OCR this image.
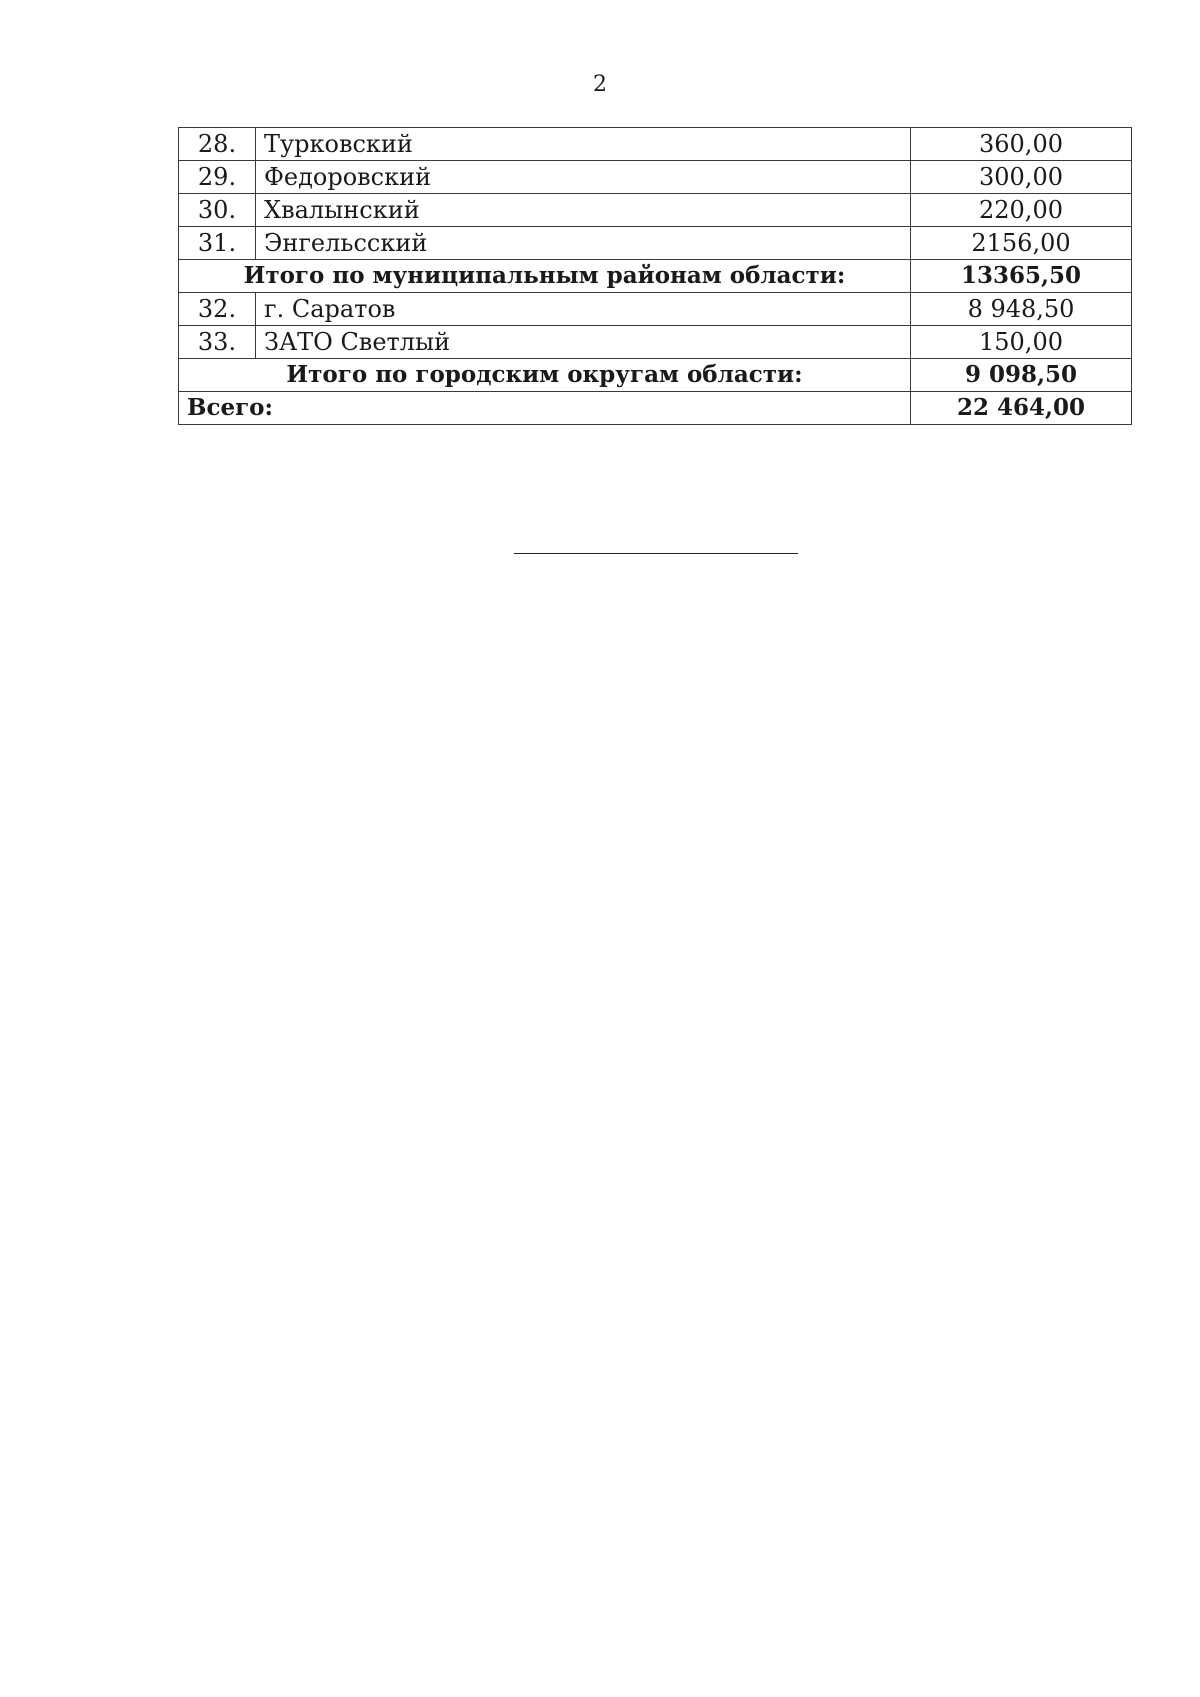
2
28.	Турковский	360,00
29.	Федоровский	300,00
30.	Хвалынский	220,00
31.	Энгельсский	2156,00
Итого по муниципальным районам области:		13365,50
32.	г. Саратов	8 948,50
33.	ЗАТО Светлый	150,00
Итого по городским округам области:		9 098,50
Всего:		22 464,00
